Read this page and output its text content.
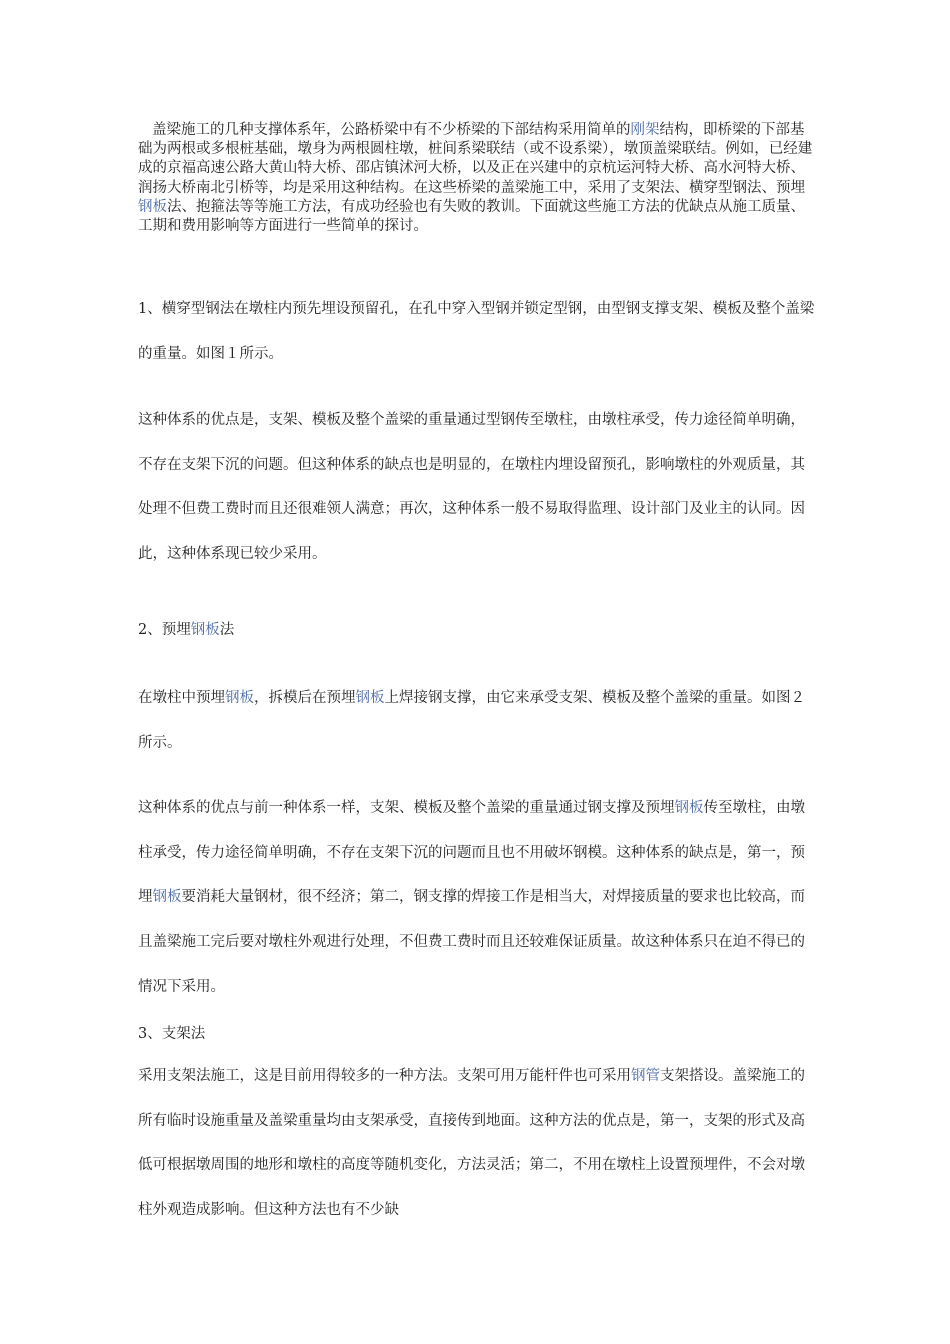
盖梁施工的几种支撑体系年，公路桥梁中有不少桥梁的下部结构采用简单的刚架结构，即桥梁的下部基础为两根或多根桩基础，墩身为两根圆柱墩，桩间系梁联结（或不设系梁），墩顶盖梁联结。例如，已经建成的京福高速公路大黄山特大桥、邵店镇沭河大桥，以及正在兴建中的京杭运河特大桥、高水河特大桥、润扬大桥南北引桥等，均是采用这种结构。在这些桥梁的盖梁施工中，采用了支架法、横穿型钢法、预埋钢板法、抱箍法等等施工方法，有成功经验也有失败的教训。下面就这些施工方法的优缺点从施工质量、工期和费用影响等方面进行一些简单的探讨。

1、横穿型钢法在墩柱内预先埋设预留孔，在孔中穿入型钢并锁定型钢，由型钢支撑支架、模板及整个盖梁的重量。如图１所示。

这种体系的优点是，支架、模板及整个盖梁的重量通过型钢传至墩柱，由墩柱承受，传力途径简单明确，不存在支架下沉的问题。但这种体系的缺点也是明显的，在墩柱内埋设留预孔，影响墩柱的外观质量，其处理不但费工费时而且还很难领人满意；再次，这种体系一般不易取得监理、设计部门及业主的认同。因此，这种体系现已较少采用。

2、预埋钢板法

在墩柱中预埋钢板，拆模后在预埋钢板上焊接钢支撑，由它来承受支架、模板及整个盖梁的重量。如图２所示。

这种体系的优点与前一种体系一样，支架、模板及整个盖梁的重量通过钢支撑及预埋钢板传至墩柱，由墩柱承受，传力途径简单明确，不存在支架下沉的问题而且也不用破坏钢模。这种体系的缺点是，第一，预埋钢板要消耗大量钢材，很不经济；第二，钢支撑的焊接工作是相当大，对焊接质量的要求也比较高，而且盖梁施工完后要对墩柱外观进行处理，不但费工费时而且还较难保证质量。故这种体系只在迫不得已的情况下采用。

3、支架法

采用支架法施工，这是目前用得较多的一种方法。支架可用万能杆件也可采用钢管支架搭设。盖梁施工的所有临时设施重量及盖梁重量均由支架承受，直接传到地面。这种方法的优点是，第一，支架的形式及高低可根据墩周围的地形和墩柱的高度等随机变化，方法灵活；第二，不用在墩柱上设置预埋件，不会对墩柱外观造成影响。但这种方法也有不少缺
